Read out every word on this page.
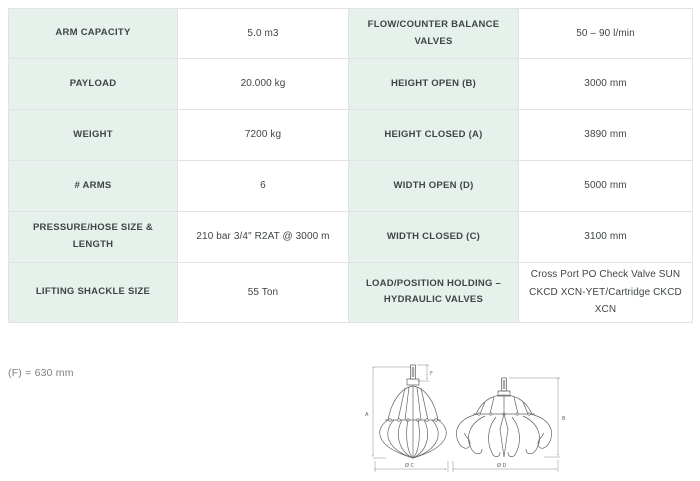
ARM CAPACITY	5.0 m3	FLOW/COUNTER BALANCE VALVES	50 – 90 l/min
PAYLOAD	20.000 kg	HEIGHT OPEN (B)	3000 mm
WEIGHT	7200 kg	HEIGHT CLOSED (A)	3890 mm
# ARMS	6	WIDTH OPEN (D)	5000 mm
PRESSURE/HOSE SIZE & LENGTH	210 bar 3/4" R2AT @ 3000 m	WIDTH CLOSED (C)	3100 mm
LIFTING SHACKLE SIZE	55 Ton	LOAD/POSITION HOLDING – HYDRAULIC VALVES	Cross Port PO Check Valve SUN CKCD XCN-YET/Cartridge CKCD XCN
(F) = 630 mm
A
F
Ø C
B
Ø D
